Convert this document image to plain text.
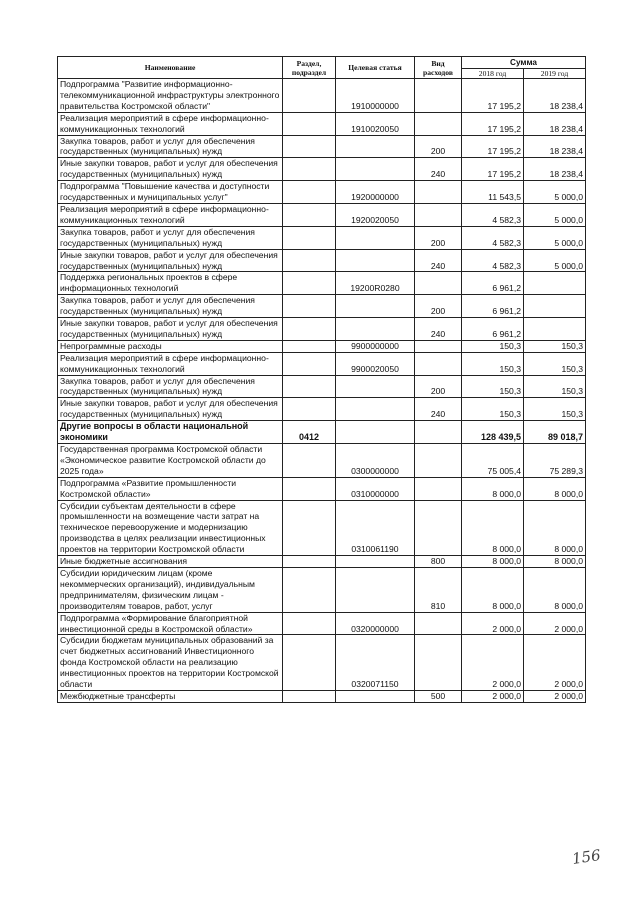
Наименование	Раздел, подраздел	Целевая статья	Вид расходов	Сумма	
				2018 год	2019 год
Подпрограмма "Развитие информационно-телекоммуникационной инфраструктуры электронного правительства Костромской области"		1910000000		17 195,2	18 238,4
Реализация мероприятий в сфере информационно-коммуникационных технологий		1910020050		17 195,2	18 238,4
Закупка товаров, работ и услуг для обеспечения государственных (муниципальных) нужд			200	17 195,2	18 238,4
Иные закупки товаров, работ и услуг для обеспечения государственных (муниципальных) нужд			240	17 195,2	18 238,4
Подпрограмма "Повышение качества и доступности государственных и муниципальных услуг"		1920000000		11 543,5	5 000,0
Реализация мероприятий в сфере информационно-коммуникационных технологий		1920020050		4 582,3	5 000,0
Закупка товаров, работ и услуг для обеспечения государственных (муниципальных) нужд			200	4 582,3	5 000,0
Иные закупки товаров, работ и услуг для обеспечения государственных (муниципальных) нужд			240	4 582,3	5 000,0
Поддержка региональных проектов в сфере информационных технологий		19200R0280		6 961,2	
Закупка товаров, работ и услуг для обеспечения государственных (муниципальных) нужд			200	6 961,2	
Иные закупки товаров, работ и услуг для обеспечения государственных (муниципальных) нужд			240	6 961,2	
Непрограммные расходы		9900000000		150,3	150,3
Реализация мероприятий в сфере информационно-коммуникационных технологий		9900020050		150,3	150,3
Закупка товаров, работ и услуг для обеспечения государственных (муниципальных) нужд			200	150,3	150,3
Иные закупки товаров, работ и услуг для обеспечения государственных (муниципальных) нужд			240	150,3	150,3
Другие вопросы в области национальной экономики	0412			128 439,5	89 018,7
Государственная программа Костромской области «Экономическое развитие Костромской области до 2025 года»		0300000000		75 005,4	75 289,3
Подпрограмма «Развитие промышленности Костромской области»		0310000000		8 000,0	8 000,0
Субсидии субъектам деятельности в сфере промышленности на возмещение части затрат на техническое перевооружение и модернизацию производства в целях реализации инвестиционных проектов на территории Костромской области		0310061190		8 000,0	8 000,0
Иные бюджетные ассигнования			800	8 000,0	8 000,0
Субсидии юридическим лицам (кроме некоммерческих организаций), индивидуальным предпринимателям, физическим лицам - производителям товаров, работ, услуг			810	8 000,0	8 000,0
Подпрограмма «Формирование благоприятной инвестиционной среды в Костромской области»		0320000000		2 000,0	2 000,0
Субсидии бюджетам муниципальных образований за счет бюджетных ассигнований Инвестиционного фонда Костромской области на реализацию инвестиционных проектов на территории Костромской области		0320071150		2 000,0	2 000,0
Межбюджетные трансферты			500	2 000,0	2 000,0
156
